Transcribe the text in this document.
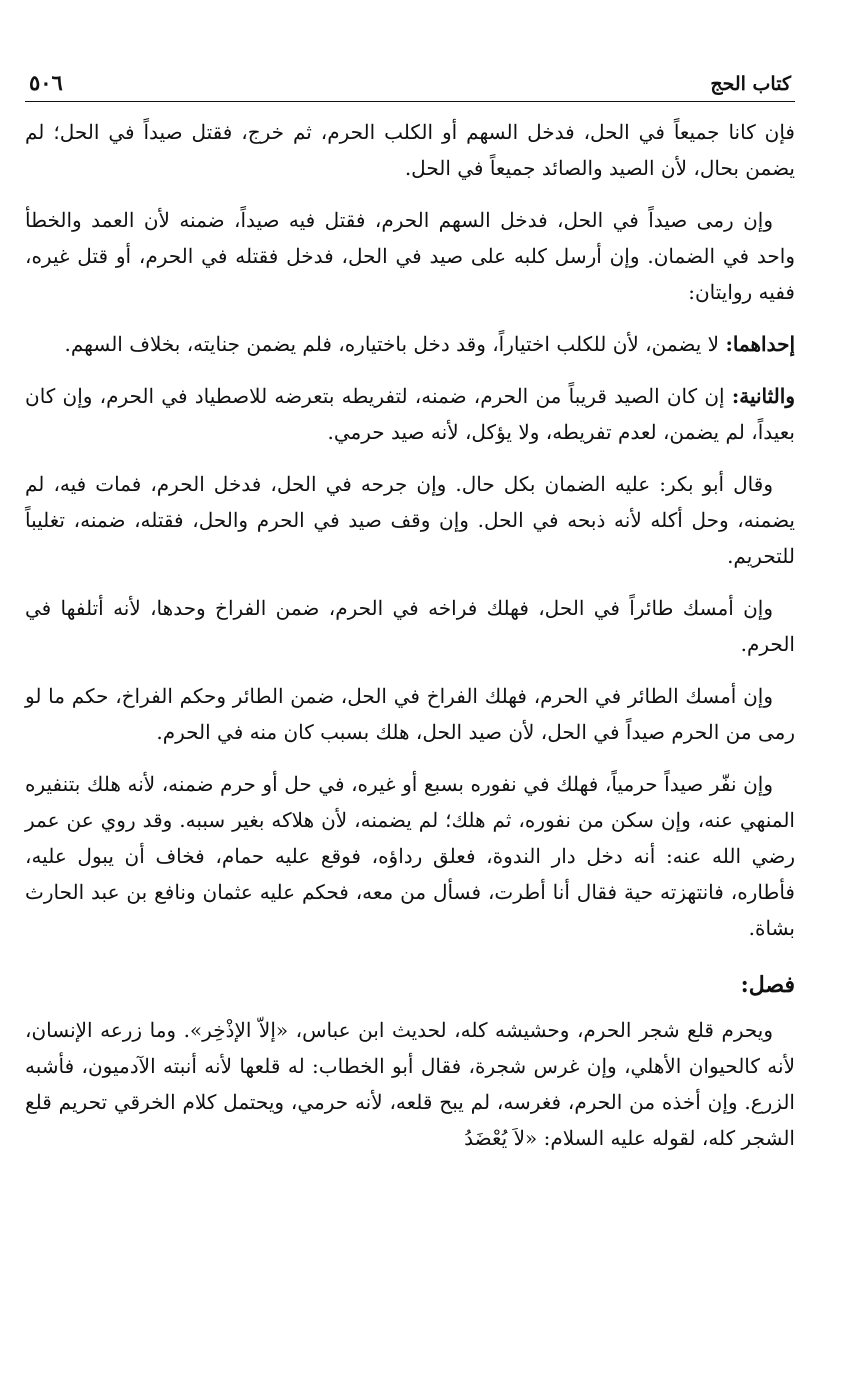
كتاب الحج
٥٠٦

فإن كانا جميعاً في الحل، فدخل السهم أو الكلب الحرم، ثم خرج، فقتل صيداً في الحل؛ لم يضمن بحال، لأن الصيد والصائد جميعاً في الحل.

وإن رمى صيداً في الحل، فدخل السهم الحرم، فقتل فيه صيداً، ضمنه لأن العمد والخطأ واحد في الضمان. وإن أرسل كلبه على صيد في الحل، فدخل فقتله في الحرم، أو قتل غيره، ففيه روايتان:

إحداهما: لا يضمن، لأن للكلب اختياراً، وقد دخل باختياره، فلم يضمن جنايته، بخلاف السهم.

والثانية: إن كان الصيد قريباً من الحرم، ضمنه، لتفريطه بتعرضه للاصطياد في الحرم، وإن كان بعيداً، لم يضمن، لعدم تفريطه، ولا يؤكل، لأنه صيد حرمي.

وقال أبو بكر: عليه الضمان بكل حال. وإن جرحه في الحل، فدخل الحرم، فمات فيه، لم يضمنه، وحل أكله لأنه ذبحه في الحل. وإن وقف صيد في الحرم والحل، فقتله، ضمنه، تغليباً للتحريم.

وإن أمسك طائراً في الحل، فهلك فراخه في الحرم، ضمن الفراخ وحدها، لأنه أتلفها في الحرم.

وإن أمسك الطائر في الحرم، فهلك الفراخ في الحل، ضمن الطائر وحكم الفراخ، حكم ما لو رمى من الحرم صيداً في الحل، لأن صيد الحل، هلك بسبب كان منه في الحرم.

وإن نفّر صيداً حرمياً، فهلك في نفوره بسبع أو غيره، في حل أو حرم ضمنه، لأنه هلك بتنفيره المنهي عنه، وإن سكن من نفوره، ثم هلك؛ لم يضمنه، لأن هلاكه بغير سببه. وقد روي عن عمر رضي الله عنه: أنه دخل دار الندوة، فعلق رداؤه، فوقع عليه حمام، فخاف أن يبول عليه، فأطاره، فانتهزته حية فقال أنا أطرت، فسأل من معه، فحكم عليه عثمان ونافع بن عبد الحارث بشاة.

فصل:

ويحرم قلع شجر الحرم، وحشيشه كله، لحديث ابن عباس، «إلاّ الإذْخِر». وما زرعه الإنسان، لأنه كالحيوان الأهلي، وإن غرس شجرة، فقال أبو الخطاب: له قلعها لأنه أنبته الآدميون، فأشبه الزرع. وإن أخذه من الحرم، فغرسه، لم يبح قلعه، لأنه حرمي، ويحتمل كلام الخرقي تحريم قلع الشجر كله، لقوله عليه السلام: «لاَ يُعْضَدُ
